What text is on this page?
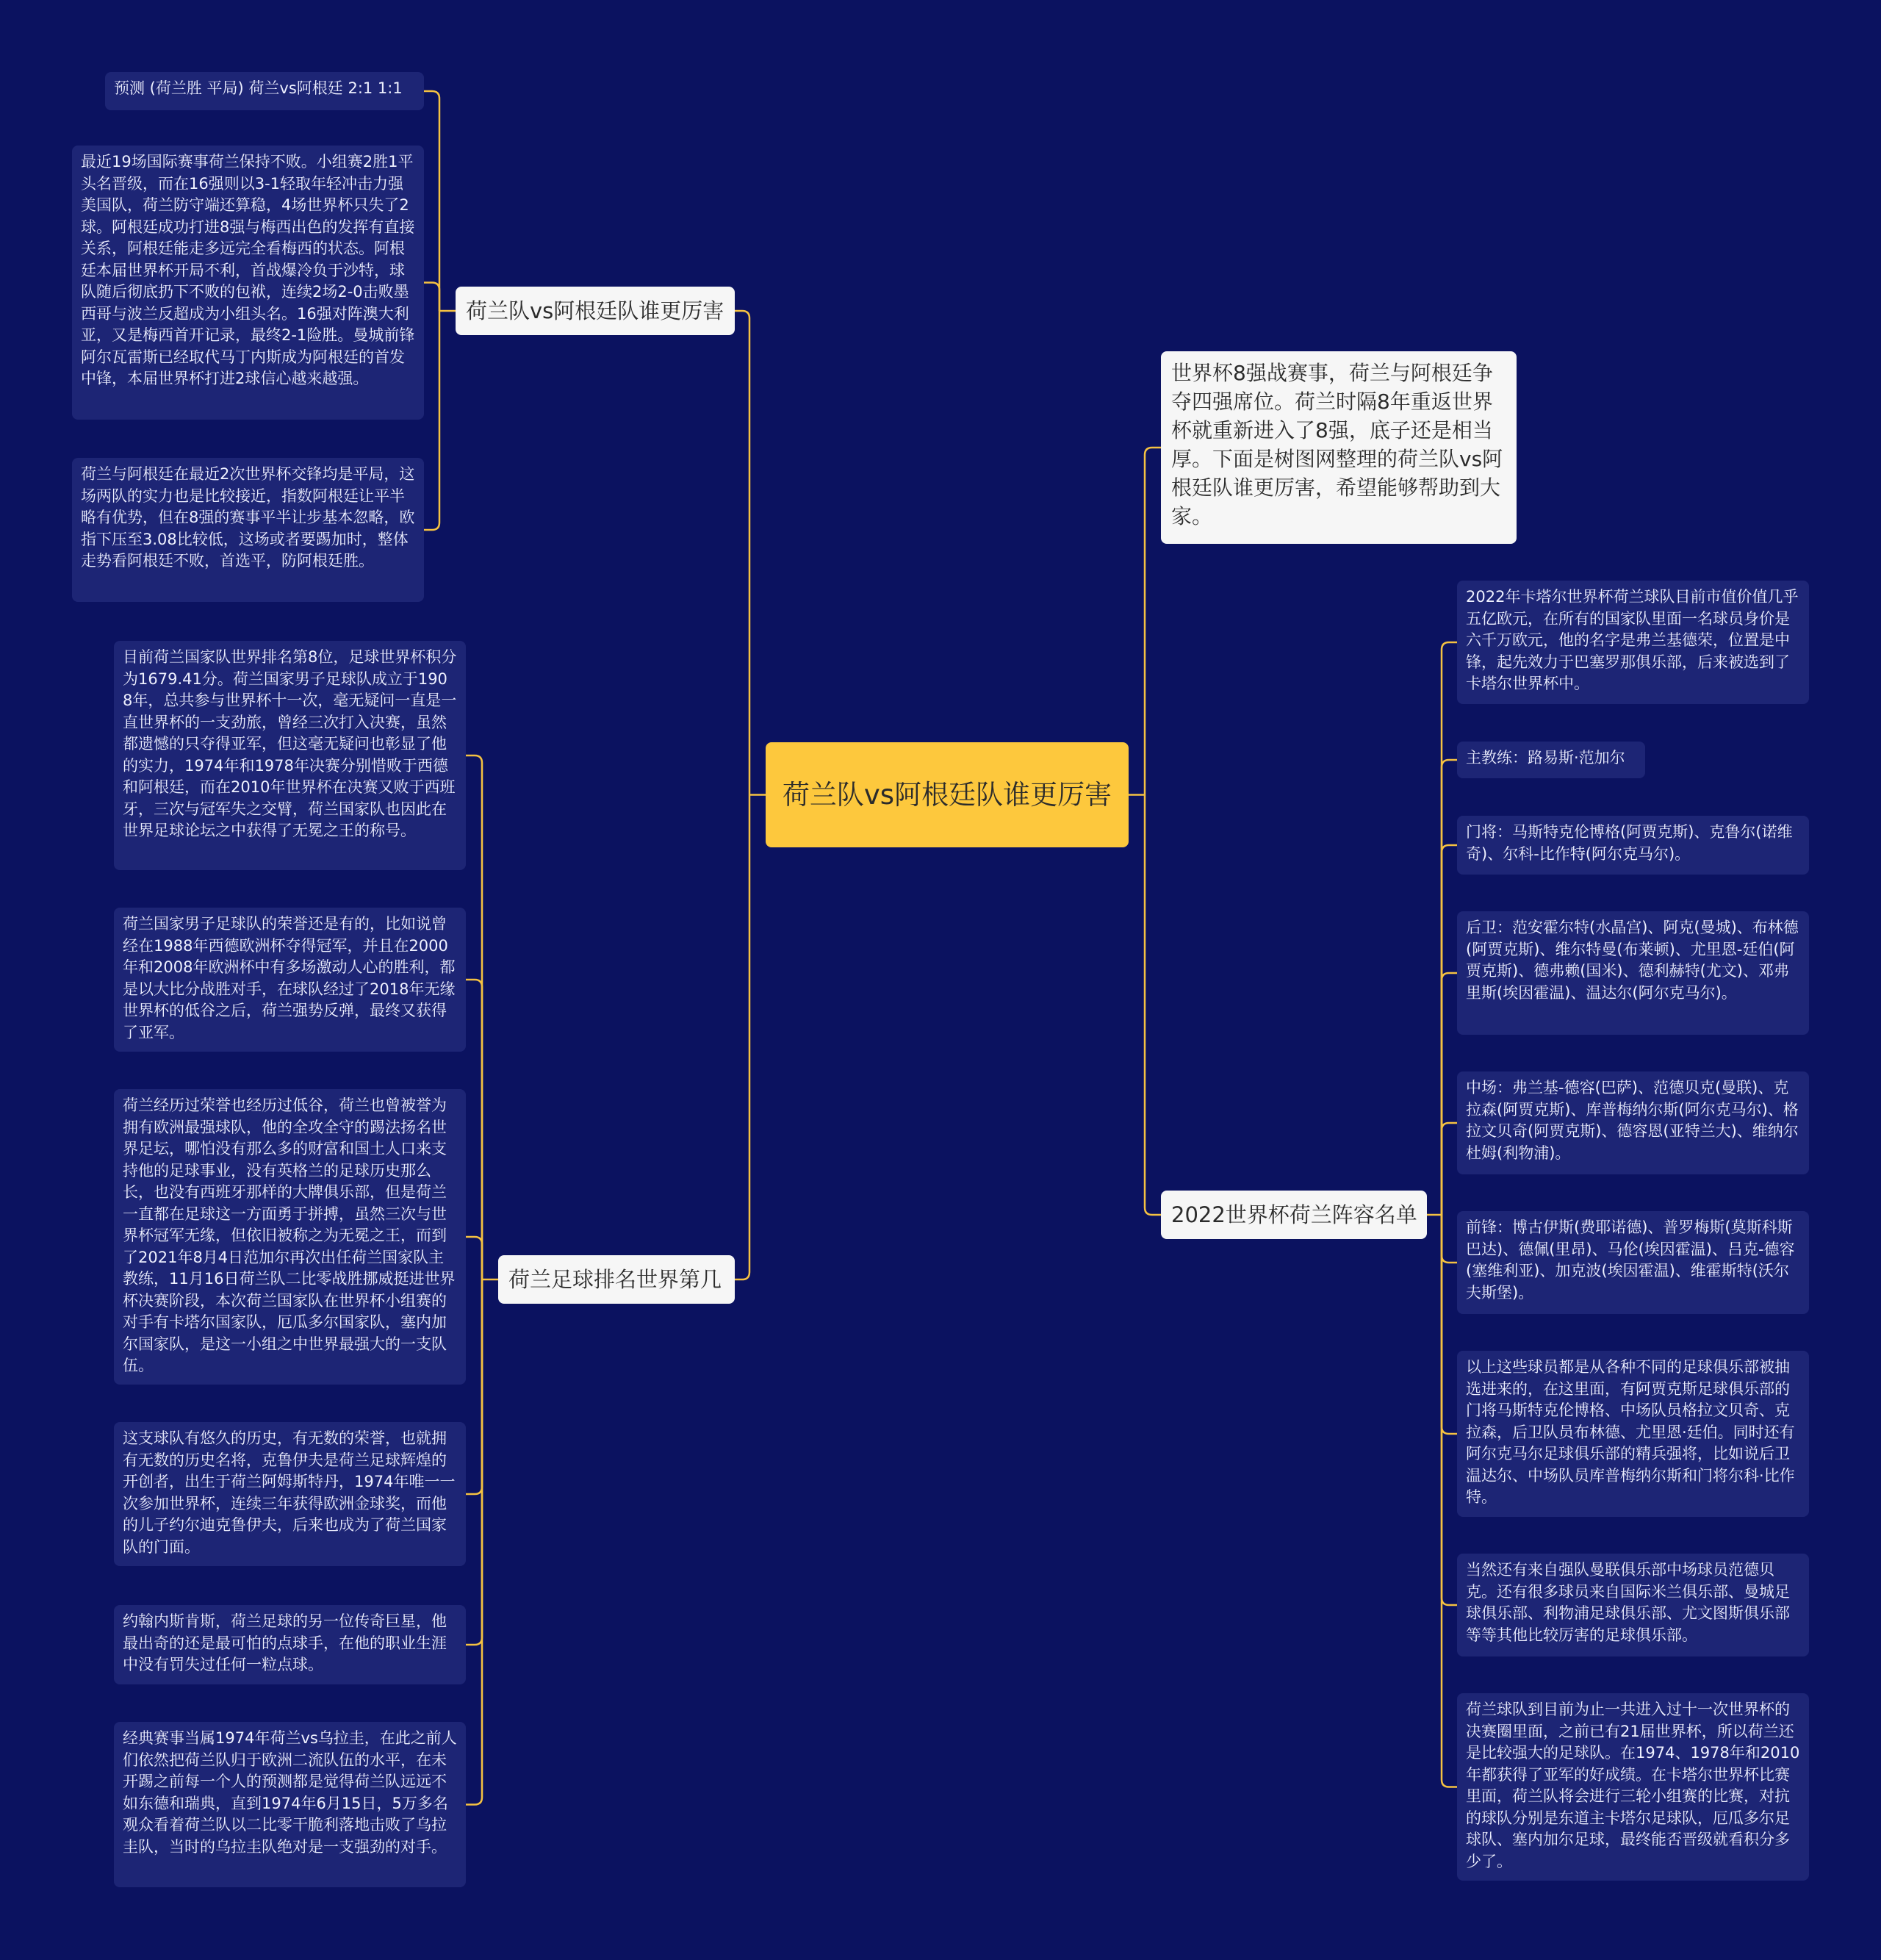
荷兰队vs阿根廷队谁更厉害
荷兰队vs阿根廷队谁更厉害
预测 (荷兰胜 平局) 荷兰vs阿根廷 2:1 1:1
最近19场国际赛事荷兰保持不败。小组赛2胜1平头名晋级，而在16强则以3-1轻取年轻冲击力强美国队，荷兰防守端还算稳，4场世界杯只失了2球。阿根廷成功打进8强与梅西出色的发挥有直接关系，阿根廷能走多远完全看梅西的状态。阿根廷本届世界杯开局不利，首战爆冷负于沙特，球队随后彻底扔下不败的包袱，连续2场2-0击败墨西哥与波兰反超成为小组头名。16强对阵澳大利亚，又是梅西首开记录，最终2-1险胜。曼城前锋阿尔瓦雷斯已经取代马丁内斯成为阿根廷的首发中锋，本届世界杯打进2球信心越来越强。
荷兰与阿根廷在最近2次世界杯交锋均是平局，这场两队的实力也是比较接近，指数阿根廷让平半略有优势，但在8强的赛事平半让步基本忽略，欧指下压至3.08比较低，这场或者要踢加时，整体走势看阿根廷不败，首选平，防阿根廷胜。
荷兰足球排名世界第几
目前荷兰国家队世界排名第8位，足球世界杯积分为1679.41分。荷兰国家男子足球队成立于1908年，总共参与世界杯十一次，毫无疑问一直是一直世界杯的一支劲旅，曾经三次打入决赛，虽然都遗憾的只夺得亚军，但这毫无疑问也彰显了他的实力，1974年和1978年决赛分别惜败于西德和阿根廷，而在2010年世界杯在决赛又败于西班牙，三次与冠军失之交臂，荷兰国家队也因此在世界足球论坛之中获得了无冕之王的称号。
荷兰国家男子足球队的荣誉还是有的，比如说曾经在1988年西德欧洲杯夺得冠军，并且在2000年和2008年欧洲杯中有多场激动人心的胜利，都是以大比分战胜对手，在球队经过了2018年无缘世界杯的低谷之后，荷兰强势反弹，最终又获得了亚军。
荷兰经历过荣誉也经历过低谷，荷兰也曾被誉为拥有欧洲最强球队，他的全攻全守的踢法扬名世界足坛，哪怕没有那么多的财富和国土人口来支持他的足球事业，没有英格兰的足球历史那么长，也没有西班牙那样的大牌俱乐部，但是荷兰一直都在足球这一方面勇于拼搏，虽然三次与世界杯冠军无缘，但依旧被称之为无冕之王，而到了2021年8月4日范加尔再次出任荷兰国家队主教练，11月16日荷兰队二比零战胜挪威挺进世界杯决赛阶段，本次荷兰国家队在世界杯小组赛的对手有卡塔尔国家队，厄瓜多尔国家队，塞内加尔国家队，是这一小组之中世界最强大的一支队伍。
这支球队有悠久的历史，有无数的荣誉，也就拥有无数的历史名将，克鲁伊夫是荷兰足球辉煌的开创者，出生于荷兰阿姆斯特丹，1974年唯一一次参加世界杯，连续三年获得欧洲金球奖，而他的儿子约尔迪克鲁伊夫，后来也成为了荷兰国家队的门面。
约翰内斯肯斯，荷兰足球的另一位传奇巨星，他最出奇的还是最可怕的点球手，在他的职业生涯中没有罚失过任何一粒点球。
经典赛事当属1974年荷兰vs乌拉圭，在此之前人们依然把荷兰队归于欧洲二流队伍的水平，在未开踢之前每一个人的预测都是觉得荷兰队远远不如东德和瑞典，直到1974年6月15日，5万多名观众看着荷兰队以二比零干脆利落地击败了乌拉圭队，当时的乌拉圭队绝对是一支强劲的对手。
世界杯8强战赛事，荷兰与阿根廷争夺四强席位。荷兰时隔8年重返世界杯就重新进入了8强，底子还是相当厚。下面是树图网整理的荷兰队vs阿根廷队谁更厉害，希望能够帮助到大家。
2022世界杯荷兰阵容名单
2022年卡塔尔世界杯荷兰球队目前市值价值几乎五亿欧元，在所有的国家队里面一名球员身价是六千万欧元，他的名字是弗兰基德荣，位置是中锋，起先效力于巴塞罗那俱乐部，后来被选到了卡塔尔世界杯中。
主教练：路易斯·范加尔
门将：马斯特克伦博格(阿贾克斯)、克鲁尔(诺维奇)、尔科-比作特(阿尔克马尔)。
后卫：范安霍尔特(水晶宫)、阿克(曼城)、布林德(阿贾克斯)、维尔特曼(布莱顿)、尤里恩-廷伯(阿贾克斯)、德弗赖(国米)、德利赫特(尤文)、邓弗里斯(埃因霍温)、温达尔(阿尔克马尔)。
中场：弗兰基-德容(巴萨)、范德贝克(曼联)、克拉森(阿贾克斯)、库普梅纳尔斯(阿尔克马尔)、格拉文贝奇(阿贾克斯)、德容恩(亚特兰大)、维纳尔杜姆(利物浦)。
前锋：博古伊斯(费耶诺德)、普罗梅斯(莫斯科斯巴达)、德佩(里昂)、马伦(埃因霍温)、吕克-德容(塞维利亚)、加克波(埃因霍温)、维霍斯特(沃尔夫斯堡)。
以上这些球员都是从各种不同的足球俱乐部被抽选进来的，在这里面，有阿贾克斯足球俱乐部的门将马斯特克伦博格、中场队员格拉文贝奇、克拉森，后卫队员布林德、尤里恩·廷伯。同时还有阿尔克马尔足球俱乐部的精兵强将，比如说后卫温达尔、中场队员库普梅纳尔斯和门将尔科·比作特。
当然还有来自强队曼联俱乐部中场球员范德贝克。还有很多球员来自国际米兰俱乐部、曼城足球俱乐部、利物浦足球俱乐部、尤文图斯俱乐部等等其他比较厉害的足球俱乐部。
荷兰球队到目前为止一共进入过十一次世界杯的决赛圈里面，之前已有21届世界杯，所以荷兰还是比较强大的足球队。在1974、1978年和2010年都获得了亚军的好成绩。在卡塔尔世界杯比赛里面，荷兰队将会进行三轮小组赛的比赛，对抗的球队分别是东道主卡塔尔足球队，厄瓜多尔足球队、塞内加尔足球，最终能否晋级就看积分多少了。
